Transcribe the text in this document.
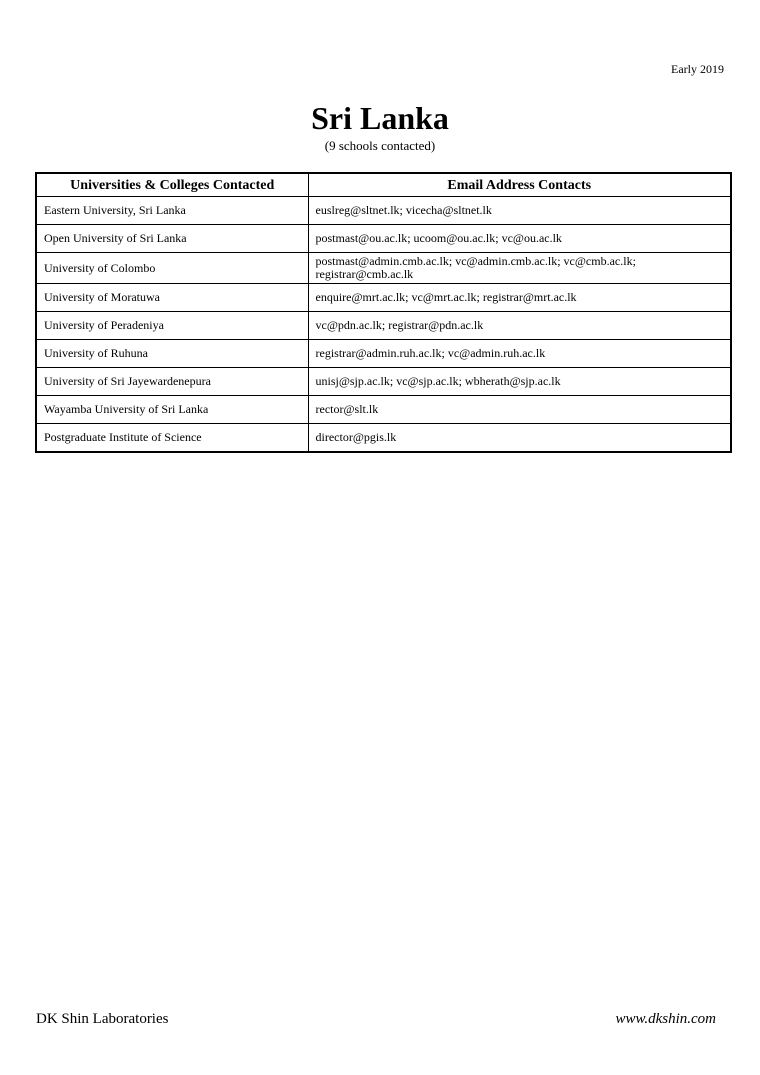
Early 2019
Sri Lanka
(9 schools contacted)
Universities & Colleges Contacted	Email Address Contacts
Eastern University, Sri Lanka	euslreg@sltnet.lk; vicecha@sltnet.lk
Open University of Sri Lanka	postmast@ou.ac.lk; ucoom@ou.ac.lk; vc@ou.ac.lk
University of Colombo	postmast@admin.cmb.ac.lk; vc@admin.cmb.ac.lk; vc@cmb.ac.lk; registrar@cmb.ac.lk
University of Moratuwa	enquire@mrt.ac.lk; vc@mrt.ac.lk; registrar@mrt.ac.lk
University of Peradeniya	vc@pdn.ac.lk; registrar@pdn.ac.lk
University of Ruhuna	registrar@admin.ruh.ac.lk; vc@admin.ruh.ac.lk
University of Sri Jayewardenepura	unisj@sjp.ac.lk; vc@sjp.ac.lk; wbherath@sjp.ac.lk
Wayamba University of Sri Lanka	rector@slt.lk
Postgraduate Institute of Science	director@pgis.lk
DK Shin Laboratories	www.dkshin.com
